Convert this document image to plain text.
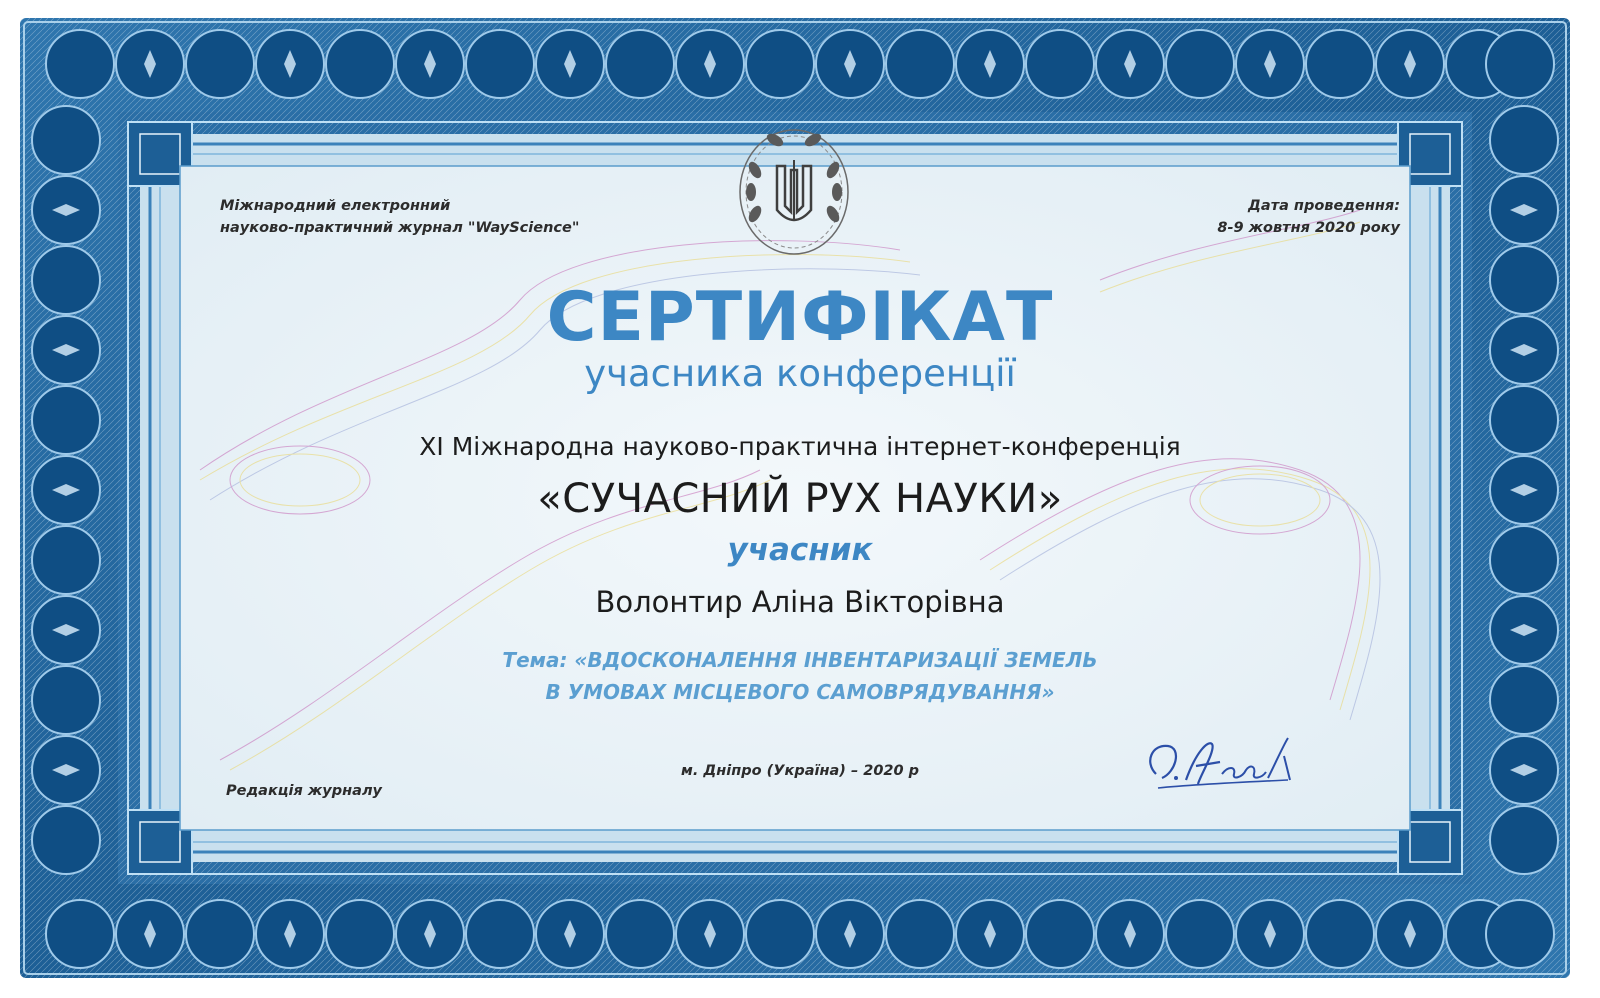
Міжнародний електронний
науково-практичний журнал "WayScience"
Дата проведення:
8-9 жовтня 2020 року
СЕРТИФІКАТ
учасника конференції
ХІ Міжнародна науково-практична інтернет-конференція
«СУЧАСНИЙ РУХ НАУКИ»
учасник
Волонтир Аліна Вікторівна
Тема: «ВДОСКОНАЛЕННЯ ІНВЕНТАРИЗАЦІЇ ЗЕМЕЛЬ
В УМОВАХ МІСЦЕВОГО САМОВРЯДУВАННЯ»
Редакція журналу
м. Дніпро (Україна) – 2020 р
